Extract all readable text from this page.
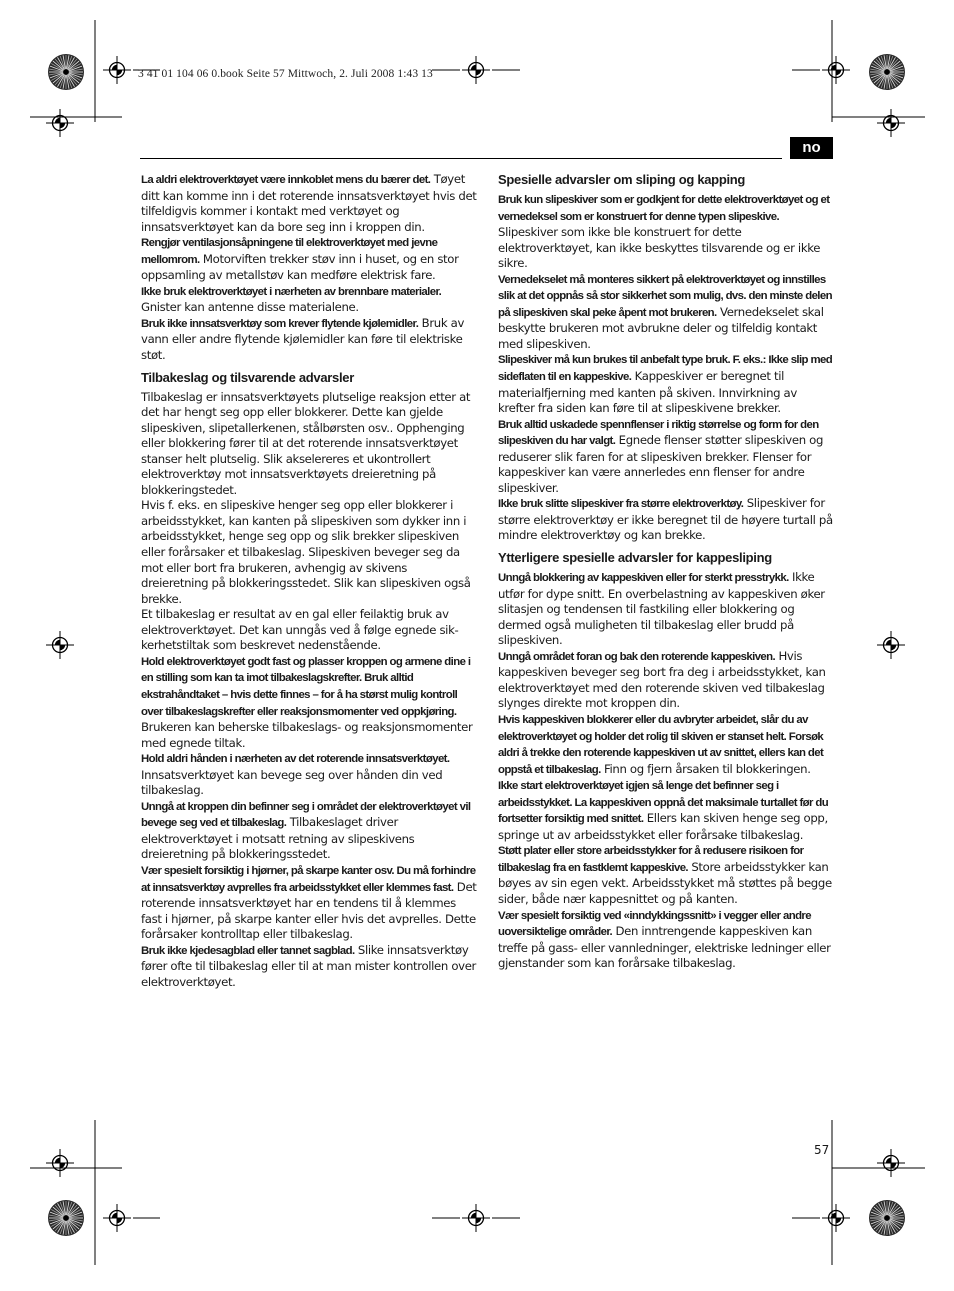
3 41 01 104 06 0.book Seite 57 Mittwoch, 2. Juli 2008 1:43 13
no

La aldri elektroverktøyet være innkoblet mens du bærer det. Tøyet ditt kan komme inn i det roterende innsatsverktøyet hvis det tilfeldigvis kommer i kontakt med verktøyet og innsatsverktøyet kan da bore seg inn i kroppen din.

Rengjør ventilasjonsåpningene til elektroverktøyet med jevne mellomrom. Motorviften trekker støv inn i huset, og en stor oppsamling av metallstøv kan medføre elektrisk fare.

Ikke bruk elektroverktøyet i nærheten av brennbare materialer. Gnister kan antenne disse materialene.

Bruk ikke innsatsverktøy som krever flytende kjølemidler. Bruk av vann eller andre flytende kjølemidler kan føre til elektriske støt.

Tilbakeslag og tilsvarende advarsler

Tilbakeslag er innsatsverktøyets plutselige reaksjon etter at det har hengt seg opp eller blokkerer. Dette kan gjelde slipeskiven, slipetallerkenen, stålbørsten osv.. Opphenging eller blokkering fører til at det roterende innsatsverktøyet stanser helt plutselig. Slik akselereres et ukontrollert elektroverktøy mot innsatsverktøyets dreieretning på blokkeringstedet.

Hvis f. eks. en slipeskive henger seg opp eller blokkerer i arbeidsstykket, kan kanten på slipeskiven som dykker inn i arbeidsstykket, henge seg opp og slik brekker slipeskiven eller forårsaker et tilbakeslag. Slipeskiven beveger seg da mot eller bort fra brukeren, avhengig av skivens dreieretning på blokkeringsstedet. Slik kan slipeskiven også brekke.

Et tilbakeslag er resultat av en gal eller feilaktig bruk av elektroverktøyet. Det kan unngås ved å følge egnede sikkerhetstiltak som beskrevet nedenstående.

Hold elektroverktøyet godt fast og plasser kroppen og armene dine i en stilling som kan ta imot tilbakeslagskrefter. Bruk alltid ekstrahåndtaket – hvis dette finnes – for å ha størst mulig kontroll over tilbakeslagskrefter eller reaksjonsmomenter ved oppkjøring. Brukeren kan beherske tilbakeslags- og reaksjonsmomenter med egnede tiltak.

Hold aldri hånden i nærheten av det roterende innsatsverktøyet. Innsatsverktøyet kan bevege seg over hånden din ved tilbakeslag.

Unngå at kroppen din befinner seg i området der elektroverktøyet vil bevege seg ved et tilbakeslag. Tilbakeslaget driver elektroverktøyet i motsatt retning av slipeskivens dreieretning på blokkeringsstedet.

Vær spesielt forsiktig i hjørner, på skarpe kanter osv. Du må forhindre at innsatsverktøy avprelles fra arbeidsstykket eller klemmes fast. Det roterende innsatsverktøyet har en tendens til å klemmes fast i hjørner, på skarpe kanter eller hvis det avprelles. Dette forårsaker kontrolltap eller tilbakeslag.

Bruk ikke kjedesagblad eller tannet sagblad. Slike innsatsverktøy fører ofte til tilbakeslag eller til at man mister kontrollen over elektroverktøyet.

Spesielle advarsler om sliping og kapping

Bruk kun slipeskiver som er godkjent for dette elektroverktøyet og et vernedeksel som er konstruert for denne typen slipeskive. Slipeskiver som ikke ble konstruert for dette elektroverktøyet, kan ikke beskyttes tilsvarende og er ikke sikre.

Vernedekselet må monteres sikkert på elektroverktøyet og innstilles slik at det oppnås så stor sikkerhet som mulig, dvs. den minste delen på slipeskiven skal peke åpent mot brukeren. Vernedekselet skal beskytte brukeren mot avbrukne deler og tilfeldig kontakt med slipeskiven.

Slipeskiver må kun brukes til anbefalt type bruk. F. eks.: Ikke slip med sideflaten til en kappeskive. Kappeskiver er beregnet til materialfjerning med kanten på skiven. Innvirkning av krefter fra siden kan føre til at slipeskivene brekker.

Bruk alltid uskadede spennflenser i riktig størrelse og form for den slipeskiven du har valgt. Egnede flenser støtter slipeskiven og reduserer slik faren for at slipeskiven brekker. Flenser for kappeskiver kan være annerledes enn flenser for andre slipeskiver.

Ikke bruk slitte slipeskiver fra større elektroverktøy. Slipeskiver for større elektroverktøy er ikke beregnet til de høyere turtall på mindre elektroverktøy og kan brekke.

Ytterligere spesielle advarsler for kappesliping

Unngå blokkering av kappeskiven eller for sterkt presstrykk. Ikke utfør for dype snitt. En overbelastning av kappeskiven øker slitasjen og tendensen til fastkiling eller blokkering og dermed også muligheten til tilbakeslag eller brudd på slipeskiven.

Unngå området foran og bak den roterende kappeskiven. Hvis kappeskiven beveger seg bort fra deg i arbeidsstykket, kan elektroverktøyet med den roterende skiven ved tilbakeslag slynges direkte mot kroppen din.

Hvis kappeskiven blokkerer eller du avbryter arbeidet, slår du av elektroverktøyet og holder det rolig til skiven er stanset helt. Forsøk aldri å trekke den roterende kappeskiven ut av snittet, ellers kan det oppstå et tilbakeslag. Finn og fjern årsaken til blokkeringen.

Ikke start elektroverktøyet igjen så lenge det befinner seg i arbeidsstykket. La kappeskiven oppnå det maksimale turtallet før du fortsetter forsiktig med snittet. Ellers kan skiven henge seg opp, springe ut av arbeidsstykket eller forårsake tilbakeslag.

Støtt plater eller store arbeidsstykker for å redusere risikoen for tilbakeslag fra en fastklemt kappeskive. Store arbeidsstykker kan bøyes av sin egen vekt. Arbeidsstykket må støttes på begge sider, både nær kappesnittet og på kanten.

Vær spesielt forsiktig ved «inndykkingssnitt» i vegger eller andre uoversiktelige områder. Den inntrengende kappeskiven kan treffe på gass- eller vannledninger, elektriske ledninger eller gjenstander som kan forårsake tilbakeslag.

57
